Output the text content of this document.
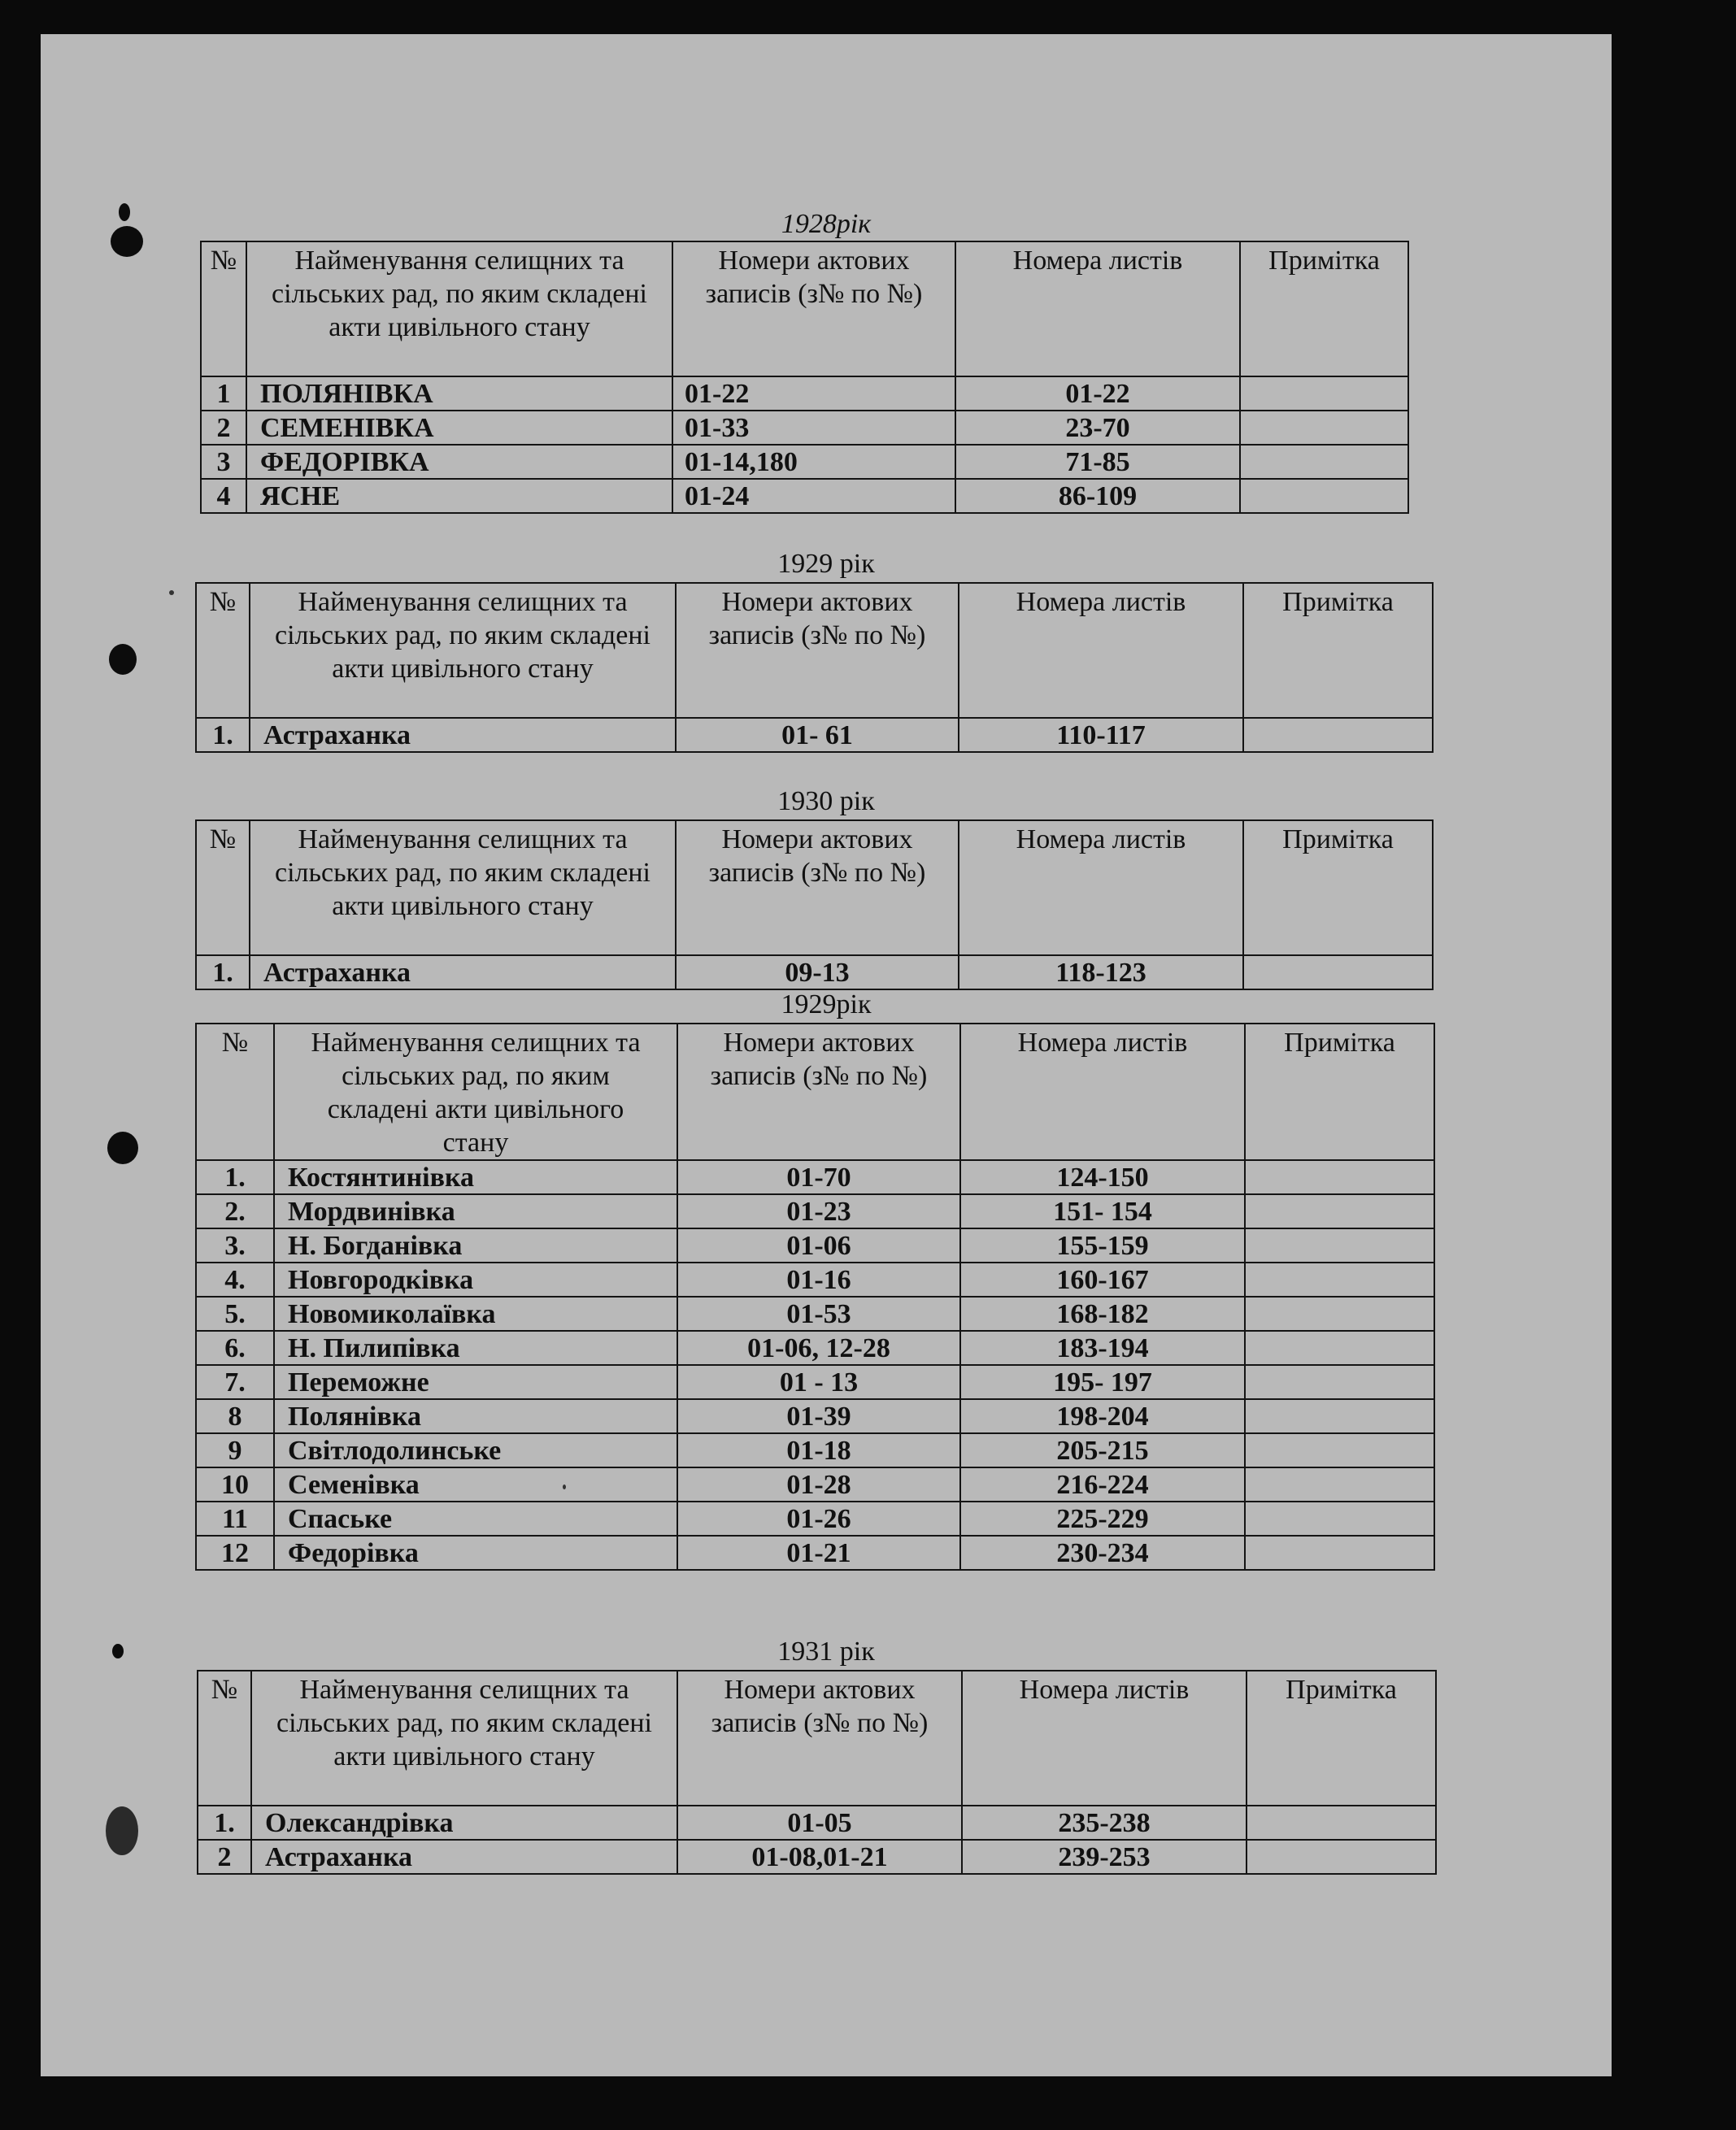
1928рік
№	Найменування селищних та сільських рад, по яким складені акти цивільного стану	Номери актових записів (з№ по №)	Номера листів	Примітка
1	ПОЛЯНІВКА	01-22	01-22	
2	СЕМЕНІВКА	01-33	23-70	
3	ФЕДОРІВКА	01-14,180	71-85	
4	ЯСНЕ	01-24	86-109	
1929 рік
№	Найменування селищних та сільських рад, по яким складені акти цивільного стану	Номери актових записів (з№ по №)	Номера листів	Примітка
1.	Астраханка	01- 61	110-117	
1930 рік
№	Найменування селищних та сільських рад, по яким складені акти цивільного стану	Номери актових записів (з№ по №)	Номера листів	Примітка
1.	Астраханка	09-13	118-123	
1929рік
№	Найменування селищних та сільських рад, по яким складені акти цивільного стану	Номери актових записів (з№ по №)	Номера листів	Примітка
1.	Костянтинівка	01-70	124-150	
2.	Мордвинівка	01-23	151- 154	
3.	Н. Богданівка	01-06	155-159	
4.	Новгородківка	01-16	160-167	
5.	Новомиколаївка	01-53	168-182	
6.	Н. Пилипівка	01-06, 12-28	183-194	
7.	Переможне	01 - 13	195- 197	
8	Полянівка	01-39	198-204	
9	Світлодолинське	01-18	205-215	
10	Семенівка	01-28	216-224	
11	Спаське	01-26	225-229	
12	Федорівка	01-21	230-234	
1931 рік
№	Найменування селищних та сільських рад, по яким складені акти цивільного стану	Номери актових записів (з№ по №)	Номера листів	Примітка
1.	Олександрівка	01-05	235-238	
2	Астраханка	01-08,01-21	239-253	
